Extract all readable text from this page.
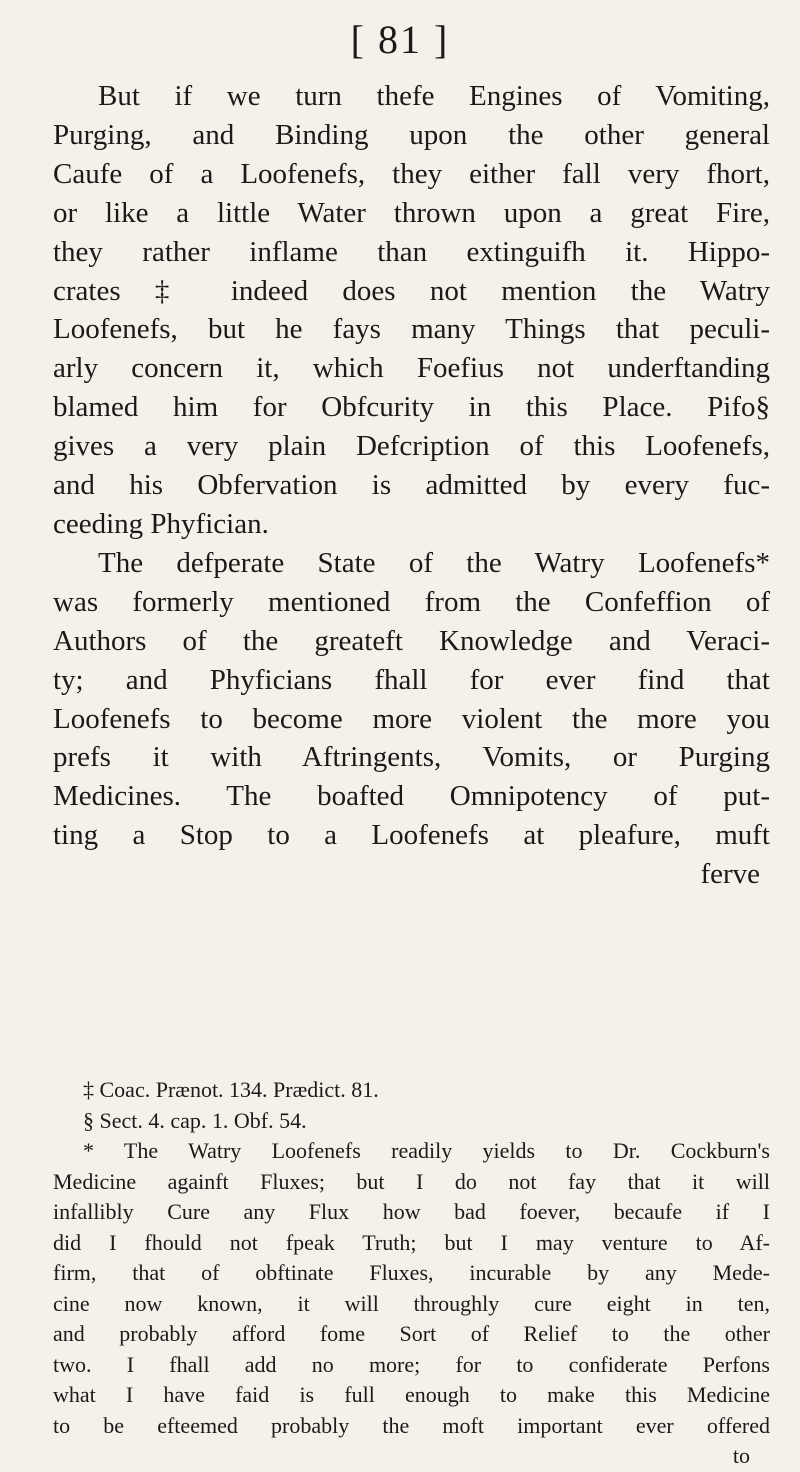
[ 81 ]
But if we turn thefe Engines of Vomiting,
Purging, and Binding upon the other general
Caufe of a Loofenefs, they either fall very fhort,
or like a little Water thrown upon a great Fire,
they rather inflame than extinguifh it. Hippo-
crates ‡ indeed does not mention the Watry
Loofenefs, but he fays many Things that peculi-
arly concern it, which Foefius not underftanding
blamed him for Obfcurity in this Place. Pifo§
gives a very plain Defcription of this Loofenefs,
and his Obfervation is admitted by every fuc-
ceeding Phyfician.
The defperate State of the Watry Loofenefs*
was formerly mentioned from the Confeffion of
Authors of the greateft Knowledge and Veraci-
ty; and Phyficians fhall for ever find that
Loofenefs to become more violent the more you
prefs it with Aftringents, Vomits, or Purging
Medicines. The boafted Omnipotency of put-
ting a Stop to a Loofenefs at pleafure, muft
ferve
‡ Coac. Prænot. 134. Prædict. 81.
§ Sect. 4. cap. 1. Obf. 54.
* The Watry Loofenefs readily yields to Dr. Cockburn's
Medicine againft Fluxes; but I do not fay that it will
infallibly Cure any Flux how bad foever, becaufe if I
did I fhould not fpeak Truth; but I may venture to Af-
firm, that of obftinate Fluxes, incurable by any Mede-
cine now known, it will throughly cure eight in ten,
and probably afford fome Sort of Relief to the other
two. I fhall add no more; for to confiderate Perfons
what I have faid is full enough to make this Medicine
to be efteemed probably the moft important ever offered
to
